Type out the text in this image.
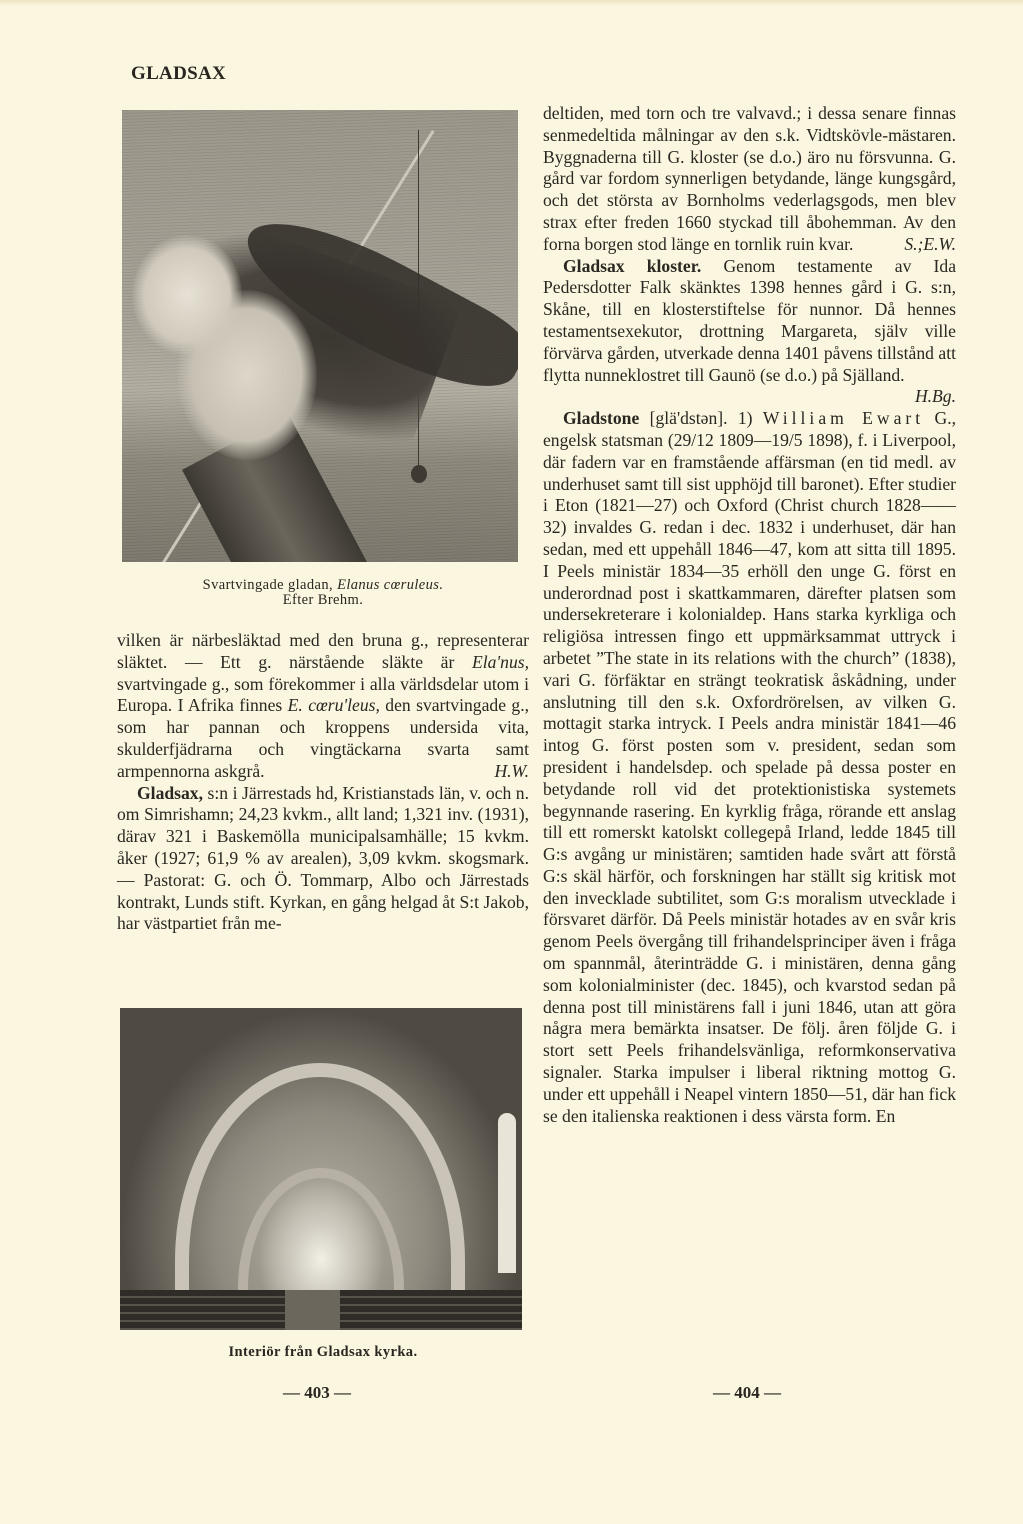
GLADSAX
Svartvingade gladan, Elanus cœruleus.
Efter Brehm.

vilken är närbesläktad med den bruna g., representerar släktet. — Ett g. närstående släkte är Ela'nus, svartvingade g., som förekommer i alla världsdelar utom i Europa. I Afrika finnes E. cœru'leus, den svartvingade g., som har pannan och kroppens undersida vita, skulderfjädrarna och vingtäckarna svarta samt armpennorna askgrå.	H.W.

Gladsax, s:n i Järrestads hd, Kristianstads län, v. och n. om Simrishamn; 24,23 kvkm., allt land; 1,321 inv. (1931), därav 321 i Baskemölla municipalsamhälle; 15 kvkm. åker (1927; 61,9 % av arealen), 3,09 kvkm. skogsmark. — Pastorat: G. och Ö. Tommarp, Albo och Järrestads kontrakt, Lunds stift. Kyrkan, en gång helgad åt S:t Jakob, har västpartiet från me-

Interiör från Gladsax kyrka.

deltiden, med torn och tre valvavd.; i dessa senare finnas senmedeltida målningar av den s.k. Vidtskövle-mästaren. Byggnaderna till G. kloster (se d.o.) äro nu försvunna. G. gård var fordom synnerligen betydande, länge kungsgård, och det största av Bornholms vederlagsgods, men blev strax efter freden 1660 styckad till åbohemman. Av den forna borgen stod länge en tornlik ruin kvar.	S.;E.W.

Gladsax kloster. Genom testamente av Ida Pedersdotter Falk skänktes 1398 hennes gård i G. s:n, Skåne, till en klosterstiftelse för nunnor. Då hennes testamentsexekutor, drottning Margareta, själv ville förvärva gården, utverkade denna 1401 påvens tillstånd att flytta nunneklostret till Gaunö (se d.o.) på Själland.

H.Bg.

Gladstone [glä'dstən]. 1) William Ewart G., engelsk statsman (29/12 1809—19/5 1898), f. i Liverpool, där fadern var en framstående affärsman (en tid medl. av underhuset samt till sist upphöjd till baronet). Efter studier i Eton (1821—27) och Oxford (Christ church 1828——32) invaldes G. redan i dec. 1832 i underhuset, där han sedan, med ett uppehåll 1846—47, kom att sitta till 1895. I Peels ministär 1834—35 erhöll den unge G. först en underordnad post i skattkammaren, därefter platsen som undersekreterare i kolonialdep. Hans starka kyrkliga och religiösa intressen fingo ett uppmärksammat uttryck i arbetet ”The state in its relations with the church” (1838), vari G. förfäktar en strängt teokratisk åskådning, under anslutning till den s.k. Oxfordrörelsen, av vilken G. mottagit starka intryck. I Peels andra ministär 1841—46 intog G. först posten som v. president, sedan som president i handelsdep. och spelade på dessa poster en betydande roll vid det protektionistiska systemets begynnande rasering. En kyrklig fråga, rörande ett anslag till ett romerskt katolskt collegepå Irland, ledde 1845 till G:s avgång ur ministären; samtiden hade svårt att förstå G:s skäl härför, och forskningen har ställt sig kritisk mot den invecklade subtilitet, som G:s moralism utvecklade i försvaret därför. Då Peels ministär hotades av en svår kris genom Peels övergång till frihandelsprinciper även i fråga om spannmål, återinträdde G. i ministären, denna gång som kolonialminister (dec. 1845), och kvarstod sedan på denna post till ministärens fall i juni 1846, utan att göra några mera bemärkta insatser. De följ. åren följde G. i stort sett Peels frihandelsvänliga, reformkonservativa signaler. Starka impulser i liberal riktning mottog G. under ett uppehåll i Neapel vintern 1850—51, där han fick se den italienska reaktionen i dess värsta form. En

— 403 —	— 404 —
